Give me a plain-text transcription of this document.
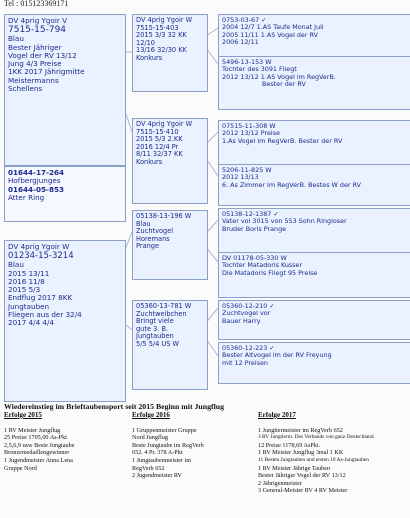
Tel : 015123369171
DV 4prig Ygoir V
7515-15-794
Blau
Bester Jähriger
Vogel der RV 13/12
Jung 4/3 Preise
1KK 2017 Jährigmitte
Meistermanns
Schellens
01644-17-264
Hofbergjunges
01644-05-853
Atter Ring
DV 4prig Ygoir W
01234-15-3214
Blau
2015 13/11
2016 11/8
2015 5/3
Endflug 2017 8KK
Jungtauben
Fliegen aus der 32/4
2017 4/4 4/4
DV 4prig Ygoir W
7515-15-403
2015 3/3 32 KK
12/10
13/16 32/30 KK
Konkurs
DV 4prig Ygoir W
7515-15-410
2015 5/3 2.KK
2016 12/4 Pr
8/11 32/37 KK
Konkurs
05138-13-196 W
Blau
Zuchtvogel
Horemans
Prange
05360-13-781 W
Zuchtweibchen
Bringt viele
gute 3. B.
Jungtauben
5/5 5/4 US W
0753-03-67 ✓
2004 12/7 1.AS Taufe Monat Juli
2005 11/11 1.AS Vogel der RV
2006 12/11
5496-13-153 W
Tochter des 3091 Fliegt
2012 13/12 1.AS Vogel im RegVerB.
Bester der RV
07515-11-308 W
2012 13/12 Preise
1.As Vogel im RegVerB. Bester der RV
5206-11-825 W
2012 13/13
6. As Zimmer im RegVerB. Bestes W der RV
05138-12-1387 ✓
Vater vol 3015 von 553 Sohn Ringloser
Bruder Boris Prange
DV 01178-05-330 W
Tochter Matadoris Kusser
Die Matadoris Fliegt 95 Preise
05360-12-210 ✓
Zuchtvogel vor
Bauer Harry
05360-12-223 ✓
Bester Altvogel im der RV Freyung
mit 12 Preisen
Wiedereinstieg im Brieftaubensport seit 2015 Beginn mit Jungflug
Erfolge 2015
1 RV Meister Jungflug
25 Preise 1705,00 As-Pkt
2,5,6,9 usw Beste Jungtaube
Bronzemedaillengewinner
1 Jugendmeister Anna Lena
Gruppe Nord
Erfolge 2016
1 Gruppenmeister Gruppe
Nord Jungflug
Beste Jungtaube im RegVerb
652. 4 Pr. 378 A-Pkt
1 Jungtaubenmeister im
RegVerb 652
2 Jugendmeister RV
Erfolge 2017
1 Jungtiermeister im RegVerb 652
3 RV Jungtierm. Des Verbands von ganz Deutschland
12 Preise 1178,69 AsPkt.
1 RV Meister Jungflug 3mal 1 KK
11 Besten Jungtauben und ersten 10 As-Jungtauben
1 RV Meister Jährige Tauben
Bester Jähriger Vogel der RV 13/12
2 Jährigenmeister
3 General-Meister RV 4 RV Meister
